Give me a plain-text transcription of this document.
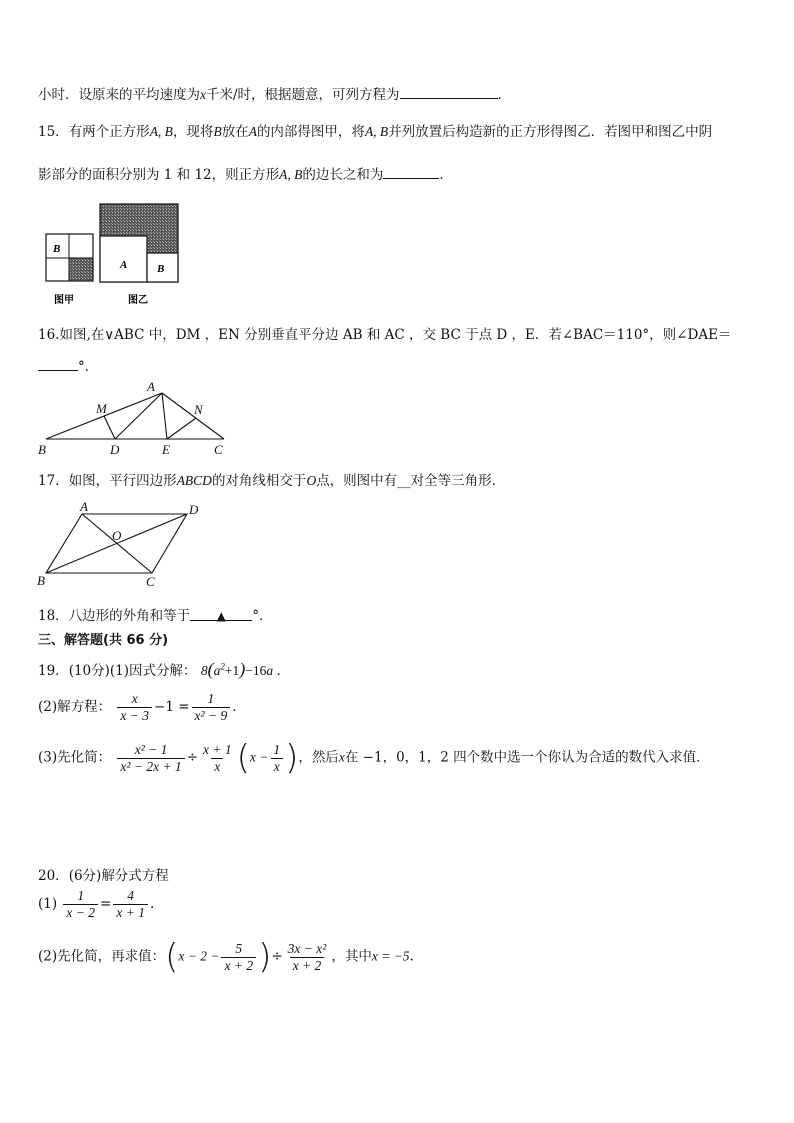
小时．设原来的平均速度为x千米/时，根据题意，可列方程为	．
15．有两个正方形A, B，现将B放在A的内部得图甲，将A, B并列放置后构造新的正方形得图乙．若图甲和图乙中阴
影部分的面积分别为 1 和 12，则正方形A, B的边长之和为	．
B
图甲
A	B
图乙
16.如图,在∨ABC 中，DM ，EN 分别垂直平分边 AB 和 AC ，交 BC 于点 D ，E．若∠BAC＝110°，则∠DAE＝
°．
A
M	N
B	D	E	C
17．如图，平行四边形ABCD的对角线相交于O点，则图中有__对全等三角形．
A	D
O
B	C
18．八边形的外角和等于 ▲ °．
三、解答题(共 66 分)
19．(10分)(1)因式分解： $8(a^2+1)-16a$ ．
(2)解方程： $\frac{x}{x - 3} -1 = \frac{1}{\text{x² − 9}}$ ．
(3)先化简： $\frac{\text{x² − 1}}{\text{x² − 2x + 1}} \div \frac{x + 1}{x} (x - \frac{1}{x}$ )，然后x在 −1，0，1，2 四个数中选一个你认为合适的数代入求值．
20．(6分)解分式方程
$(1) \frac{1}{x - 2} = \frac{4}{x + 1}$ .
(2)先化简，再求值：($x - 2 - \frac{5}{x + 2}$ )÷ $\frac{\text{3x − x²}}{x + 2}$ ，其中x = −5.
